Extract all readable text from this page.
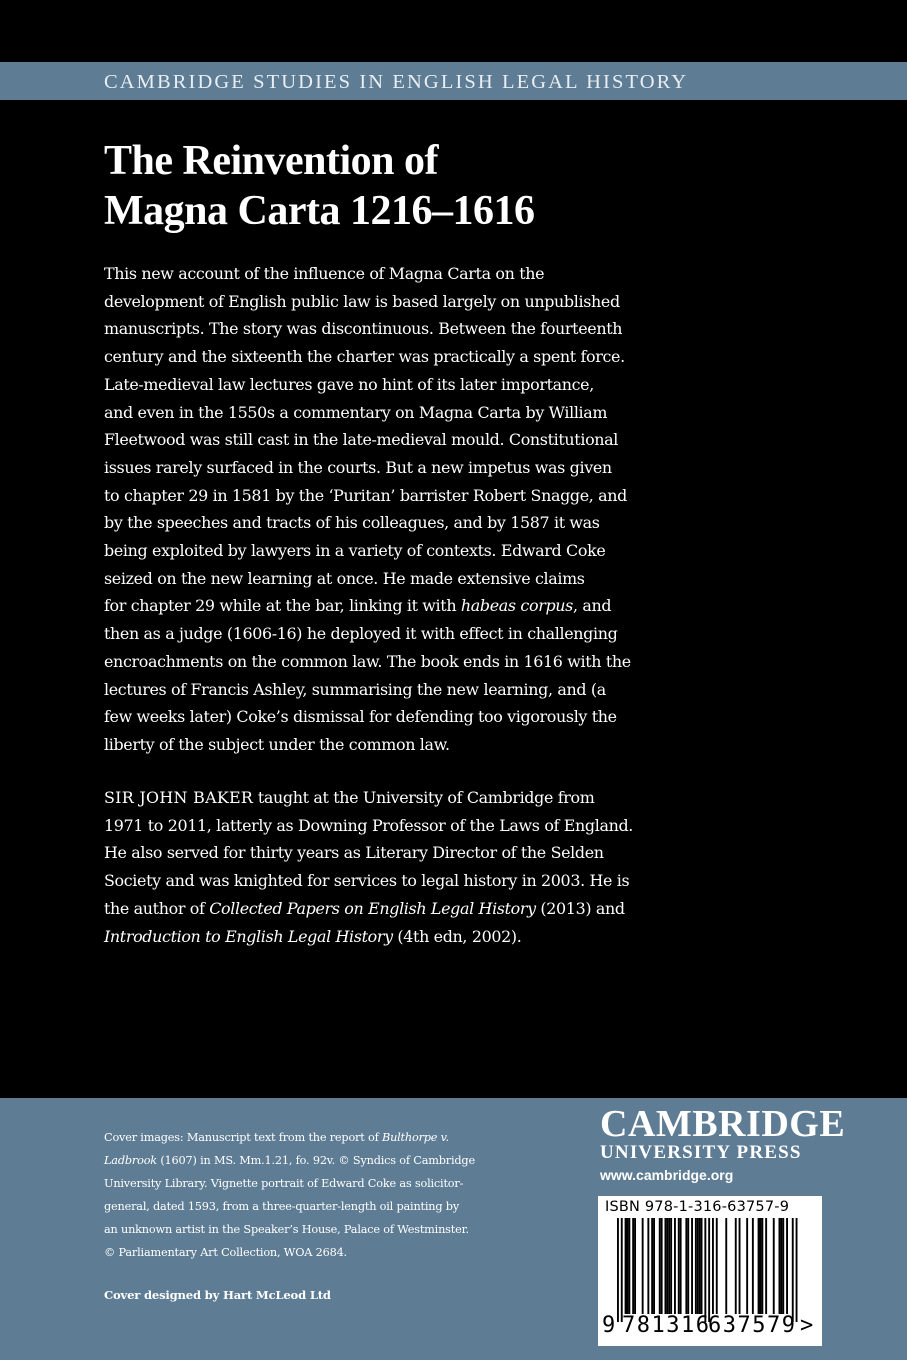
CAMBRIDGE STUDIES IN ENGLISH LEGAL HISTORY
The Reinvention of
Magna Carta 1216–1616
This new account of the influence of Magna Carta on the
development of English public law is based largely on unpublished
manuscripts. The story was discontinuous. Between the fourteenth
century and the sixteenth the charter was practically a spent force.
Late-medieval law lectures gave no hint of its later importance,
and even in the 1550s a commentary on Magna Carta by William
Fleetwood was still cast in the late-medieval mould. Constitutional
issues rarely surfaced in the courts. But a new impetus was given
to chapter 29 in 1581 by the ‘Puritan’ barrister Robert Snagge, and
by the speeches and tracts of his colleagues, and by 1587 it was
being exploited by lawyers in a variety of contexts. Edward Coke
seized on the new learning at once. He made extensive claims
for chapter 29 while at the bar, linking it with habeas corpus, and
then as a judge (1606-16) he deployed it with effect in challenging
encroachments on the common law. The book ends in 1616 with the
lectures of Francis Ashley, summarising the new learning, and (a
few weeks later) Coke’s dismissal for defending too vigorously the
liberty of the subject under the common law.
SIR JOHN BAKER taught at the University of Cambridge from
1971 to 2011, latterly as Downing Professor of the Laws of England.
He also served for thirty years as Literary Director of the Selden
Society and was knighted for services to legal history in 2003. He is
the author of Collected Papers on English Legal History (2013) and
Introduction to English Legal History (4th edn, 2002).
Cover images: Manuscript text from the report of Bulthorpe v.
Ladbrook (1607) in MS. Mm.1.21, fo. 92v. © Syndics of Cambridge
University Library. Vignette portrait of Edward Coke as solicitor-
general, dated 1593, from a three-quarter-length oil painting by
an unknown artist in the Speaker’s House, Palace of Westminster.
© Parliamentary Art Collection, WOA 2684.
Cover designed by Hart McLeod Ltd
CAMBRIDGE
UNIVERSITY PRESS
www.cambridge.org
ISBN 978-1-316-63757-9
9 781316
637579 >
